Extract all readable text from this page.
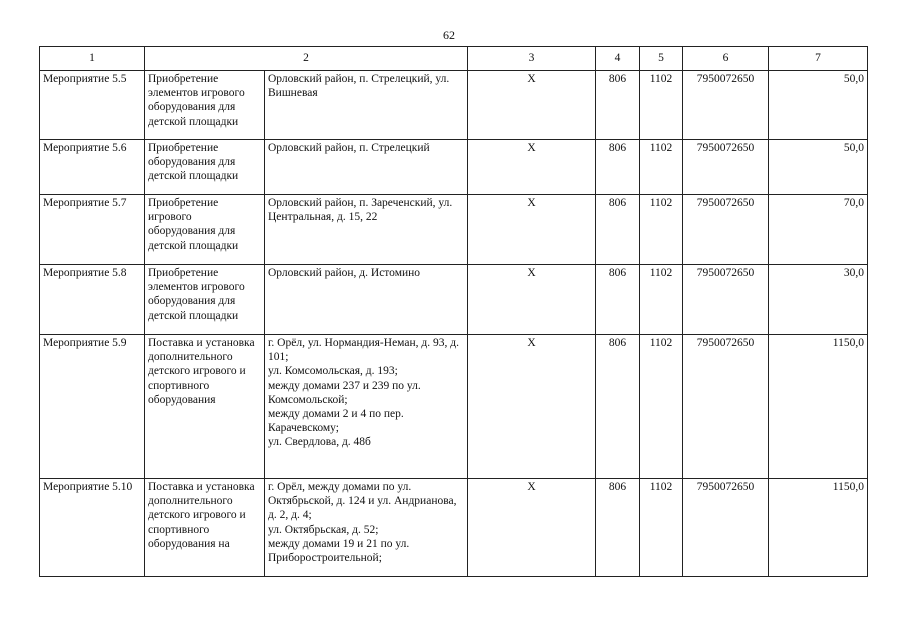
62
1	2		3	4	5	6	7
Мероприятие 5.5	Приобретение элементов игрового оборудования для детской площадки	Орловский район, п. Стрелецкий, ул. Вишневая	Х	806	1102	7950072650	50,0
Мероприятие 5.6	Приобретение оборудования для детской площадки	Орловский район, п. Стрелецкий	Х	806	1102	7950072650	50,0
Мероприятие 5.7	Приобретение игрового оборудования для детской площадки	Орловский район, п. Зареченский, ул. Центральная, д. 15, 22	Х	806	1102	7950072650	70,0
Мероприятие 5.8	Приобретение элементов игрового оборудования для детской площадки	Орловский район, д. Истомино	Х	806	1102	7950072650	30,0
Мероприятие 5.9	Поставка и установка дополнительного детского игрового и спортивного оборудования	г. Орёл, ул. Нормандия-Неман, д. 93, д. 101;
ул. Комсомольская, д. 193;
между домами 237 и 239 по ул. Комсомольской;
между домами 2 и 4 по пер. Карачевскому;
ул. Свердлова, д. 48б	Х	806	1102	7950072650	1150,0
Мероприятие 5.10	Поставка и установка дополнительного детского игрового и спортивного оборудования на	г. Орёл, между домами по ул. Октябрьской, д. 124 и ул. Андрианова, д. 2, д. 4;
ул. Октябрьская, д. 52;
между домами 19 и 21 по ул. Приборостроительной;	Х	806	1102	7950072650	1150,0
